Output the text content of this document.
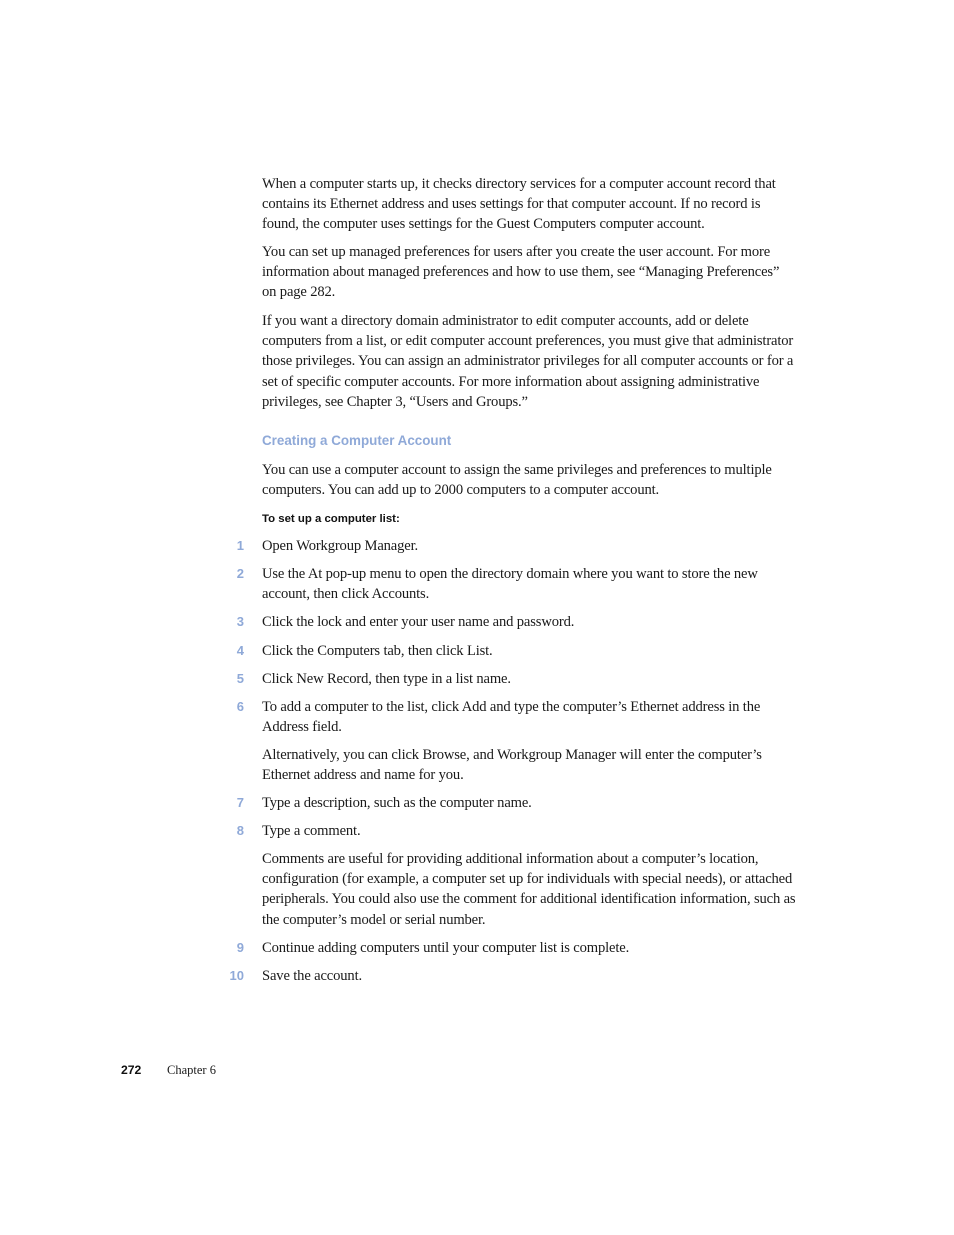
When a computer starts up, it checks directory services for a computer account record that contains its Ethernet address and uses settings for that computer account. If no record is found, the computer uses settings for the Guest Computers computer account.

You can set up managed preferences for users after you create the user account. For more information about managed preferences and how to use them, see “Managing Preferences” on page 282.

If you want a directory domain administrator to edit computer accounts, add or delete computers from a list, or edit computer account preferences, you must give that administrator those privileges. You can assign an administrator privileges for all computer accounts or for a set of specific computer accounts. For more information about assigning administrative privileges, see Chapter 3, “Users and Groups.”

Creating a Computer Account

You can use a computer account to assign the same privileges and preferences to multiple computers. You can add up to 2000 computers to a computer account.

To set up a computer list:
1 Open Workgroup Manager.

2 Use the At pop-up menu to open the directory domain where you want to store the new account, then click Accounts.

3 Click the lock and enter your user name and password.

4 Click the Computers tab, then click List.

5 Click New Record, then type in a list name.

6 To add a computer to the list, click Add and type the computer’s Ethernet address in the Address field.

Alternatively, you can click Browse, and Workgroup Manager will enter the computer’s Ethernet address and name for you.

7 Type a description, such as the computer name.

8 Type a comment.

Comments are useful for providing additional information about a computer’s location, configuration (for example, a computer set up for individuals with special needs), or attached peripherals. You could also use the comment for additional identification information, such as the computer’s model or serial number.

9 Continue adding computers until your computer list is complete.

10 Save the account.

272 Chapter 6
